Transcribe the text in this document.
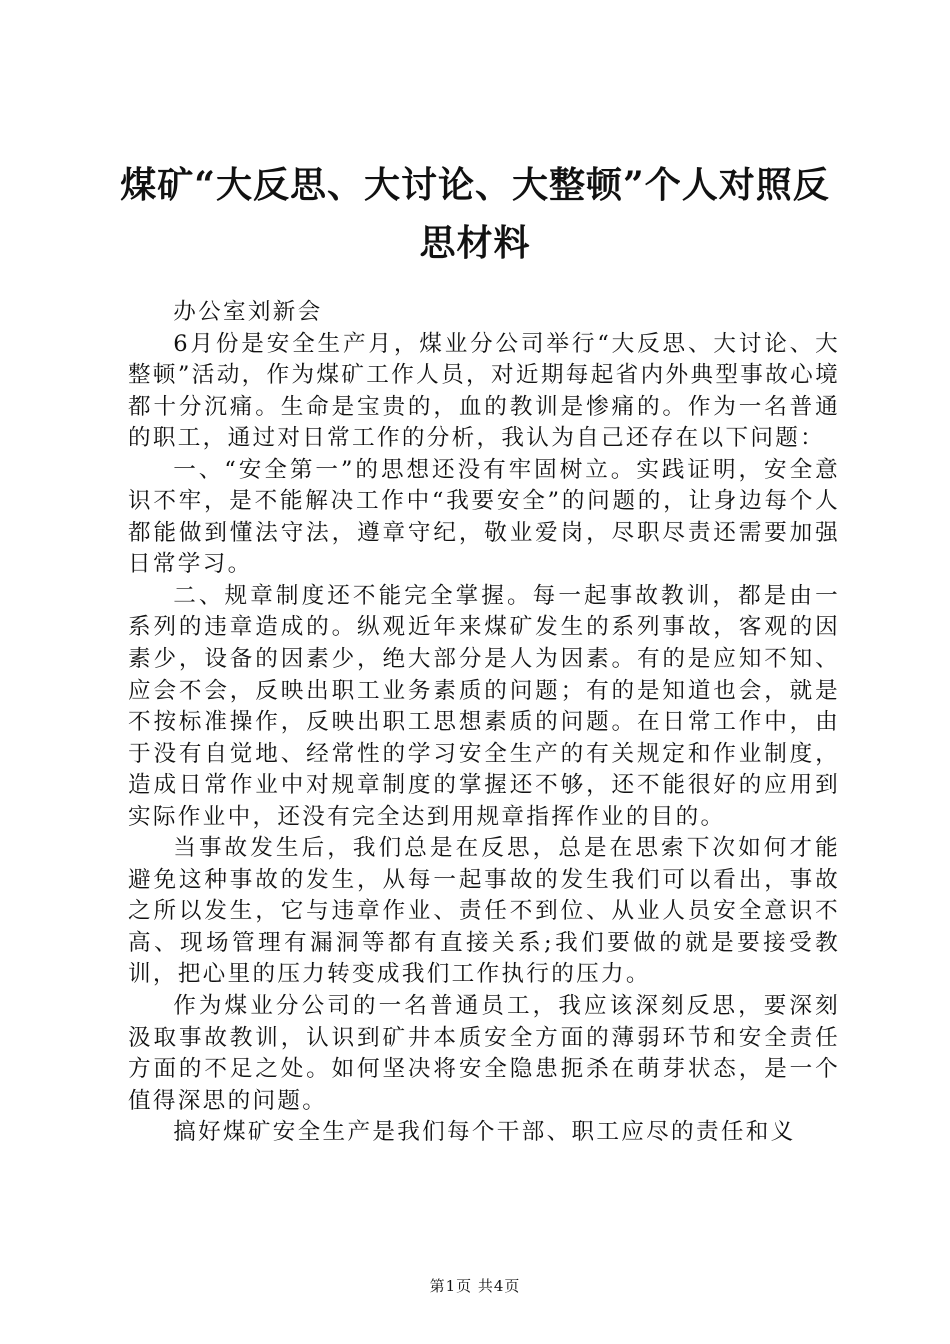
煤矿“大反思、大讨论、大整顿”个人对照反思材料

办公室刘新会

6月份是安全生产月，煤业分公司举行“大反思、大讨论、大整顿”活动，作为煤矿工作人员，对近期每起省内外典型事故心境都十分沉痛。生命是宝贵的，血的教训是惨痛的。作为一名普通的职工，通过对日常工作的分析，我认为自己还存在以下问题：

一、“安全第一”的思想还没有牢固树立。实践证明，安全意识不牢，是不能解决工作中“我要安全”的问题的，让身边每个人都能做到懂法守法，遵章守纪，敬业爱岗，尽职尽责还需要加强日常学习。

二、规章制度还不能完全掌握。每一起事故教训，都是由一系列的违章造成的。纵观近年来煤矿发生的系列事故，客观的因素少，设备的因素少，绝大部分是人为因素。有的是应知不知、应会不会，反映出职工业务素质的问题；有的是知道也会，就是不按标准操作，反映出职工思想素质的问题。在日常工作中，由于没有自觉地、经常性的学习安全生产的有关规定和作业制度，造成日常作业中对规章制度的掌握还不够，还不能很好的应用到实际作业中，还没有完全达到用规章指挥作业的目的。

当事故发生后，我们总是在反思，总是在思索下次如何才能避免这种事故的发生，从每一起事故的发生我们可以看出，事故之所以发生，它与违章作业、责任不到位、从业人员安全意识不高、现场管理有漏洞等都有直接关系;我们要做的就是要接受教训，把心里的压力转变成我们工作执行的压力。

作为煤业分公司的一名普通员工，我应该深刻反思，要深刻汲取事故教训，认识到矿井本质安全方面的薄弱环节和安全责任方面的不足之处。如何坚决将安全隐患扼杀在萌芽状态，是一个值得深思的问题。

搞好煤矿安全生产是我们每个干部、职工应尽的责任和义

第1页 共4页
